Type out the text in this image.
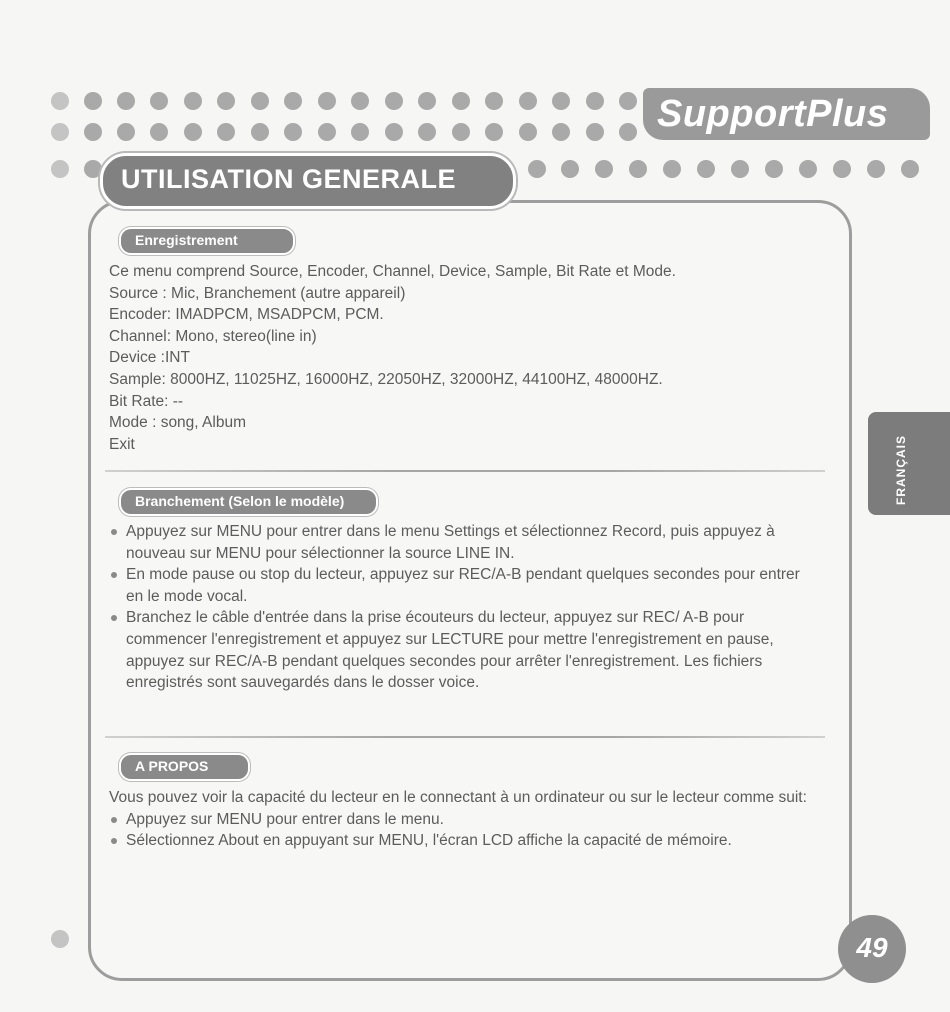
SupportPlus
Enregistrement
Ce menu comprend Source, Encoder, Channel, Device, Sample, Bit Rate et Mode.
Source : Mic, Branchement (autre appareil)
Encoder: IMADPCM, MSADPCM, PCM.
Channel: Mono, stereo(line in)
Device :INT
Sample: 8000HZ, 11025HZ, 16000HZ, 22050HZ, 32000HZ, 44100HZ, 48000HZ.
Bit Rate: --
Mode : song, Album
Exit
Branchement (Selon le modèle)
Appuyez sur MENU pour entrer dans le menu Settings et sélectionnez Record, puis appuyez à nouveau sur MENU pour sélectionner la source LINE IN.
En mode pause ou stop du lecteur, appuyez sur REC/A-B pendant quelques secondes pour entrer en le mode vocal.
Branchez le câble d'entrée dans la prise écouteurs du lecteur, appuyez sur REC/ A-B pour commencer l'enregistrement et appuyez sur LECTURE pour mettre l'enregistrement en pause, appuyez sur REC/A-B pendant quelques secondes pour arrêter l'enregistrement. Les fichiers enregistrés sont sauvegardés dans le dosser voice.
A PROPOS
Vous pouvez voir la capacité du lecteur en le connectant à un ordinateur ou sur le lecteur comme suit:
Appuyez sur MENU pour entrer dans le menu.
Sélectionnez About en appuyant sur MENU, l'écran LCD affiche la capacité de mémoire.
UTILISATION GENERALE
FRANÇAIS
49
